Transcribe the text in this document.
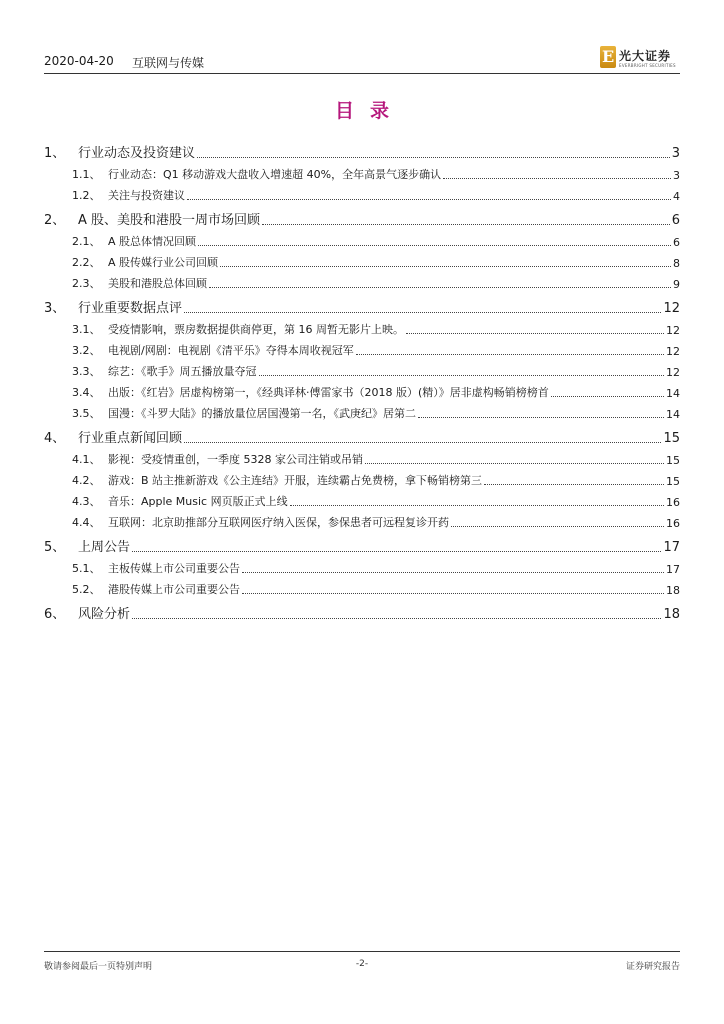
2020-04-20 互联网与传媒 E	光大证券
EVERBRIGHT SECURITIES
目录
1、 行业动态及投资建议	3
1.1、 行业动态：Q1 移动游戏大盘收入增速超 40%，全年高景气逐步确认	3
1.2、 关注与投资建议	4
2、 A 股、美股和港股一周市场回顾	6
2.1、 A 股总体情况回顾	6
2.2、 A 股传媒行业公司回顾	8
2.3、 美股和港股总体回顾	9
3、 行业重要数据点评	12
3.1、 受疫情影响，票房数据提供商停更，第 16 周暂无影片上映。	12
3.2、 电视剧/网剧：电视剧《清平乐》夺得本周收视冠军	12
3.3、 综艺：《歌手》周五播放量夺冠	12
3.4、 出版：《红岩》居虚构榜第一，《经典译林·傅雷家书（2018 版）(精）》居非虚构畅销榜榜首	14
3.5、 国漫：《斗罗大陆》的播放量位居国漫第一名，《武庚纪》居第二	14
4、 行业重点新闻回顾	15
4.1、 影视：受疫情重创，一季度 5328 家公司注销或吊销	15
4.2、 游戏：B 站主推新游戏《公主连结》开服，连续霸占免费榜，拿下畅销榜第三	15
4.3、 音乐：Apple Music 网页版正式上线	16
4.4、 互联网：北京助推部分互联网医疗纳入医保，参保患者可远程复诊开药	16
5、 上周公告	17
5.1、 主板传媒上市公司重要公告	17
5.2、 港股传媒上市公司重要公告	18
6、 风险分析	18
敬请参阅最后一页特别声明	-2-	证券研究报告
